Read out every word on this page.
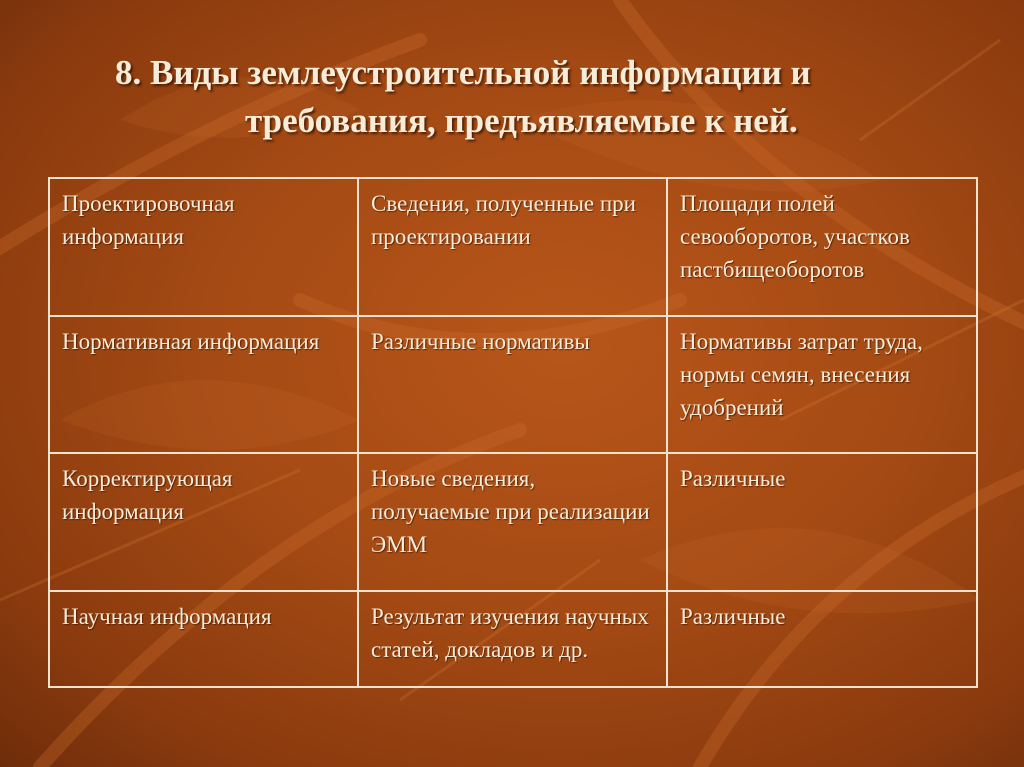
8. Виды землеустроительной информации и
требования, предъявляемые к ней.
Проектировочная информация	Сведения, полученные при проектировании	Площади полей севооборотов, участков пастбищеоборотов
Нормативная информация	Различные нормативы	Нормативы затрат труда, нормы семян, внесения удобрений
Корректирующая информация	Новые сведения, получаемые при реализации ЭММ	Различные
Научная информация	Результат изучения научных статей, докладов и др.	Различные
